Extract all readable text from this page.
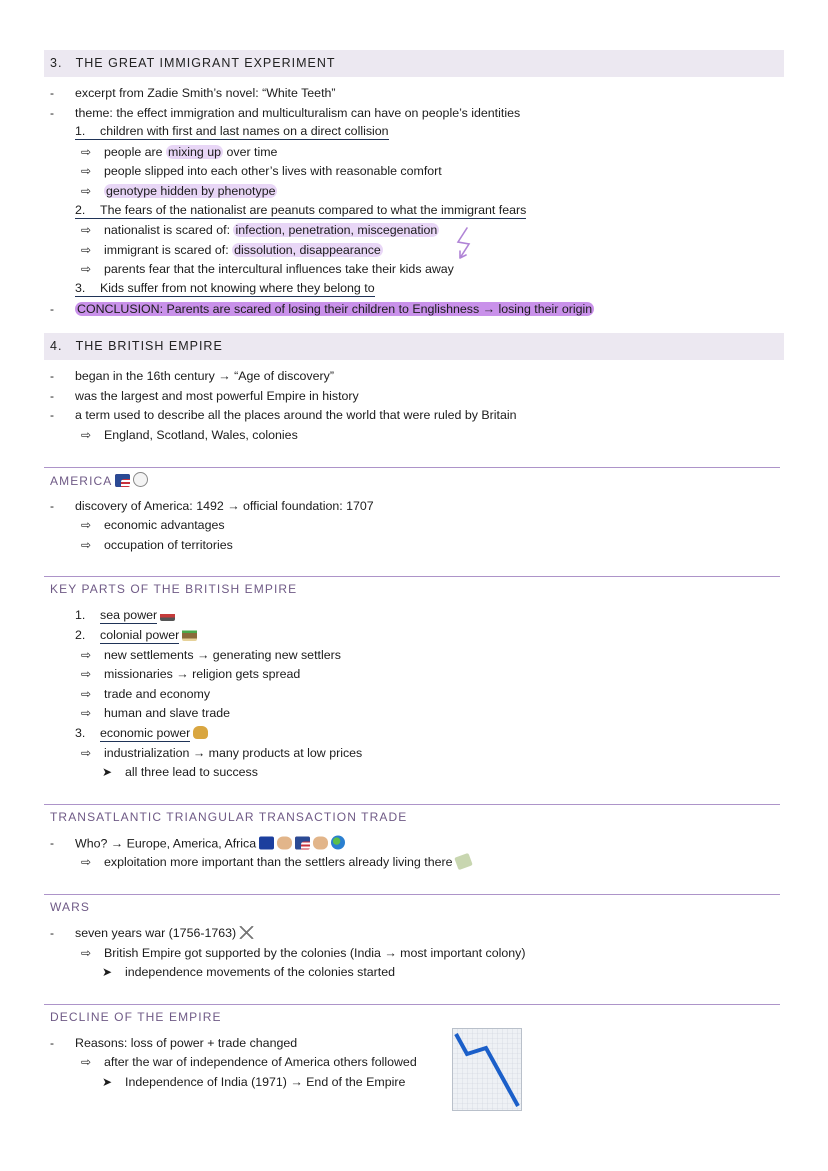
3.   THE GREAT IMMIGRANT EXPERIMENT
- excerpt from Zadie Smith’s novel: “White Teeth”
- theme: the effect immigration and multiculturalism can have on people’s identities
1. children with first and last names on a direct collision
⇨ people are mixing up over time
⇨ people slipped into each other’s lives with reasonable comfort
⇨ genotype hidden by phenotype
2. The fears of the nationalist are peanuts compared to what the immigrant fears
⇨ nationalist is scared of: infection, penetration, miscegenation
⇨ immigrant is scared of: dissolution, disappearance
⇨ parents fear that the intercultural influences take their kids away
3. Kids suffer from not knowing where they belong to
- CONCLUSION: Parents are scared of losing their children to Englishness → losing their origin
4.   THE BRITISH EMPIRE
- began in the 16th century → “Age of discovery”
- was the largest and most powerful Empire in history
- a term used to describe all the places around the world that were ruled by Britain
⇨ England, Scotland, Wales, colonies
AMERICA
- discovery of America: 1492 → official foundation: 1707
⇨ economic advantages
⇨ occupation of territories
KEY PARTS OF THE BRITISH EMPIRE
1. sea power
2. colonial power
⇨ new settlements → generating new settlers
⇨ missionaries → religion gets spread
⇨ trade and economy
⇨ human and slave trade
3. economic power
⇨ industrialization → many products at low prices
➤ all three lead to success
TRANSATLANTIC TRIANGULAR TRANSACTION TRADE
- Who? → Europe, America, Africa
⇨ exploitation more important than the settlers already living there
WARS
- seven years war (1756-1763)
⇨ British Empire got supported by the colonies (India → most important colony)
➤ independence movements of the colonies started
DECLINE OF THE EMPIRE
- Reasons: loss of power + trade changed
⇨ after the war of independence of America others followed
➤ Independence of India (1971) → End of the Empire
